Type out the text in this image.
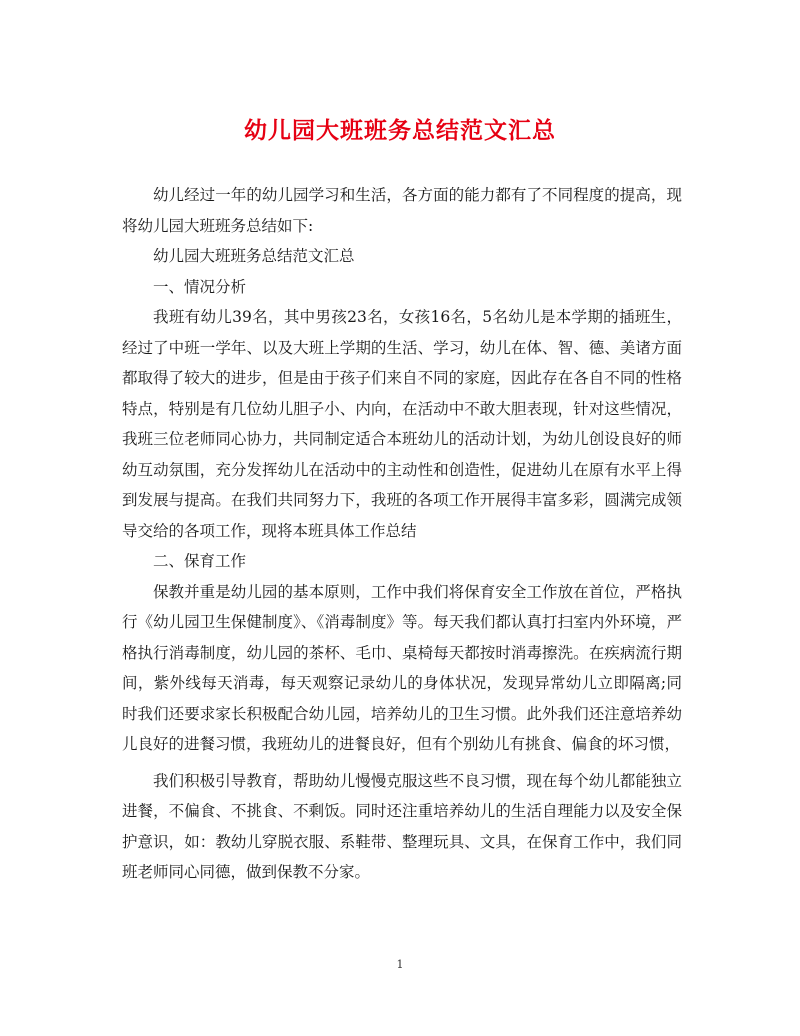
幼儿园大班班务总结范文汇总

幼儿经过一年的幼儿园学习和生活，各方面的能力都有了不同程度的提高，现将幼儿园大班班务总结如下:

幼儿园大班班务总结范文汇总

一、情况分析

我班有幼儿39名，其中男孩23名，女孩16名，5名幼儿是本学期的插班生，经过了中班一学年、以及大班上学期的生活、学习，幼儿在体、智、德、美诸方面都取得了较大的进步，但是由于孩子们来自不同的家庭，因此存在各自不同的性格特点，特别是有几位幼儿胆子小、内向，在活动中不敢大胆表现，针对这些情况，我班三位老师同心协力，共同制定适合本班幼儿的活动计划，为幼儿创设良好的师幼互动氛围，充分发挥幼儿在活动中的主动性和创造性，促进幼儿在原有水平上得到发展与提高。在我们共同努力下，我班的各项工作开展得丰富多彩，圆满完成领导交给的各项工作，现将本班具体工作总结

二、保育工作

保教并重是幼儿园的基本原则，工作中我们将保育安全工作放在首位，严格执行《幼儿园卫生保健制度》、《消毒制度》等。每天我们都认真打扫室内外环境，严格执行消毒制度，幼儿园的茶杯、毛巾、桌椅每天都按时消毒擦洗。在疾病流行期间，紫外线每天消毒，每天观察记录幼儿的身体状况，发现异常幼儿立即隔离;同时我们还要求家长积极配合幼儿园，培养幼儿的卫生习惯。此外我们还注意培养幼儿良好的进餐习惯，我班幼儿的进餐良好，但有个别幼儿有挑食、偏食的坏习惯，

我们积极引导教育，帮助幼儿慢慢克服这些不良习惯，现在每个幼儿都能独立进餐，不偏食、不挑食、不剩饭。同时还注重培养幼儿的生活自理能力以及安全保护意识，如：教幼儿穿脱衣服、系鞋带、整理玩具、文具，在保育工作中，我们同班老师同心同德，做到保教不分家。

1
